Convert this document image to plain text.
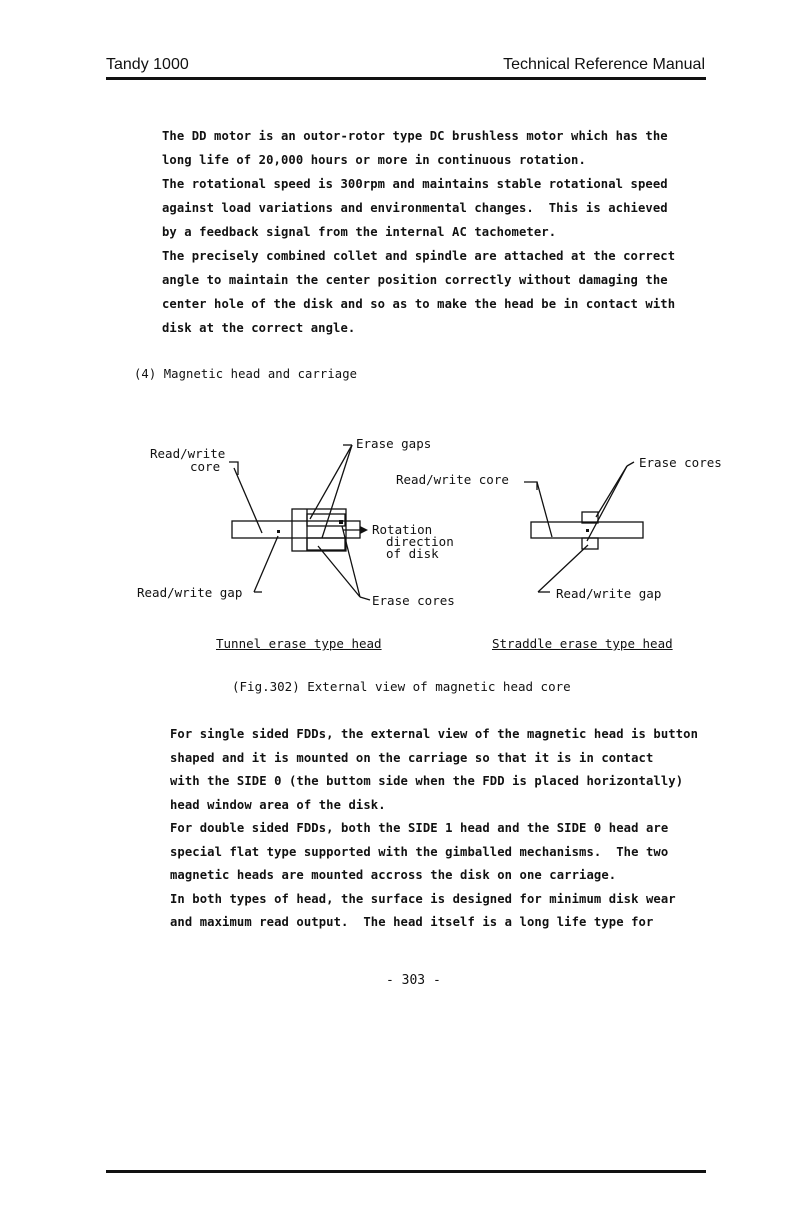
Tandy 1000	Technical Reference Manual
The DD motor is an outor-rotor type DC brushless motor which has the
long life of 20,000 hours or more in continuous rotation.
The rotational speed is 300rpm and maintains stable rotational speed
against load variations and environmental changes.  This is achieved
by a feedback signal from the internal AC tachometer.
The precisely combined collet and spindle are attached at the correct
angle to maintain the center position correctly without damaging the
center hole of the disk and so as to make the head be in contact with
disk at the correct angle.
(4) Magnetic head and carriage
Read/write
core
Erase gaps
Rotation
direction
of disk
Read/write gap
Erase cores
Read/write core
Erase cores
Read/write gap
Tunnel erase type head	Straddle erase type head
(Fig.302) External view of magnetic head core
For single sided FDDs, the external view of the magnetic head is button
shaped and it is mounted on the carriage so that it is in contact
with the SIDE 0 (the buttom side when the FDD is placed horizontally)
head window area of the disk.
For double sided FDDs, both the SIDE 1 head and the SIDE 0 head are
special flat type supported with the gimballed mechanisms.  The two
magnetic heads are mounted accross the disk on one carriage.
In both types of head, the surface is designed for minimum disk wear
and maximum read output.  The head itself is a long life type for
- 303 -
